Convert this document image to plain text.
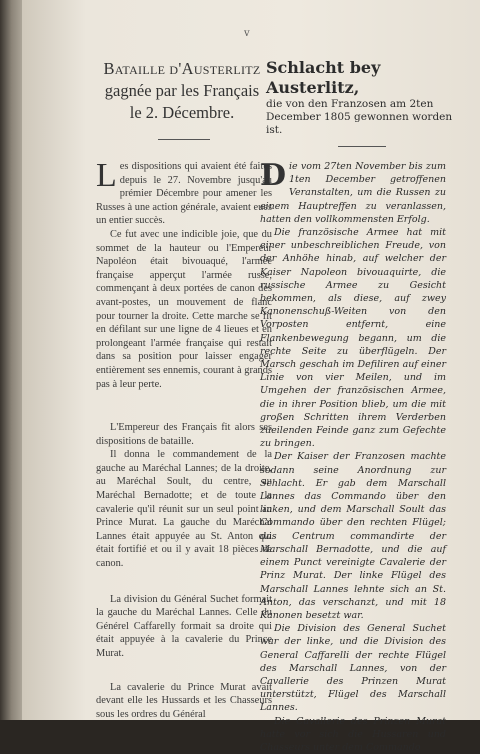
v
Bataille d'Austerlitz
gagnée par les Français
le 2. Décembre.
Schlacht bey Austerlitz,
die von den Franzosen am 2ten December 1805 gewonnen worden ist.

Les dispositions qui avaient été faites depuis le 27. Novembre jusqu'au prémier Décembre pour amener les Russes à une action générale, avaient eues un entier succès.

Ce fut avec une indicible joie, que du sommet de la hauteur ou l'Empereur Napoléon était bivouaqué, l'armée française apperçut l'armée russe, commençant à deux portées de canon des avant-postes, un mouvement de flanc pour tourner la droite. Cette marche se fit en défilant sur une ligne de 4 lieues et en prolongeant l'armée française qui restait dans sa position pour laisser engager entièrement ses ennemis, courant à grands pas à leur perte.

L'Empereur des Français fit alors ses dispositions de bataille.

Il donna le commandement de la gauche au Maréchal Lannes; de la droite, au Maréchal Soult, du centre, au Maréchal Bernadotte; et de toute la cavalerie qu'il réunit sur un seul point au Prince Murat. La gauche du Maréchal Lannes était appuyée au St. Anton qui était fortifié et ou il y avait 18 pièces de canon.

La division du Général Suchet formait la gauche du Maréchal Lannes. Celle du Générel Caffarelly formait sa droite qui était appuyée à la cavalerie du Prince Murat.

La cavalerie du Prince Murat avait devant elle les Hussards et les Chasseurs sous les ordres du Général

Die vom 27ten November bis zum 1ten December getroffenen Veranstalten, um die Russen zu einem Hauptreffen zu veranlassen, hatten den vollkommensten Erfolg.

Die französische Armee hat mit einer unbeschreiblichen Freude, von der Anhöhe hinab, auf welcher der Kaiser Napoleon bivouaquirte, die russische Armee zu Gesicht bekommen, als diese, auf zwey Kanonenschuß-Weiten von den Vorposten entfernt, eine Flankenbewegung begann, um die rechte Seite zu überflügeln. Der Marsch geschah im Defiliren auf einer Linie von vier Meilen, und im Umgehen der französischen Armee, die in ihrer Position blieb, um die mit großen Schritten ihrem Verderben zueilenden Feinde ganz zum Gefechte zu bringen.

Der Kaiser der Franzosen machte sodann seine Anordnung zur Schlacht. Er gab dem Marschall Lannes das Commando über den linken, und dem Marschall Soult das Commando über den rechten Flügel; das Centrum commandirte der Marschall Bernadotte, und die auf einem Punct vereinigte Cavalerie der Prinz Murat. Der linke Flügel des Marschall Lannes lehnte sich an St. Anton, das verschanzt, und mit 18 Kanonen besetzt war.

Die Division des General Suchet war der linke, und die Division des General Caffarelli der rechte Flügel des Marschall Lannes, von der Cavallerie des Prinzen Murat unterstützt, Flügel des Marschall Lannes.

Die Cavallerie des Prinzen Murat hatte vor sich die Hussaren und Chasseurs unter dem Commando
